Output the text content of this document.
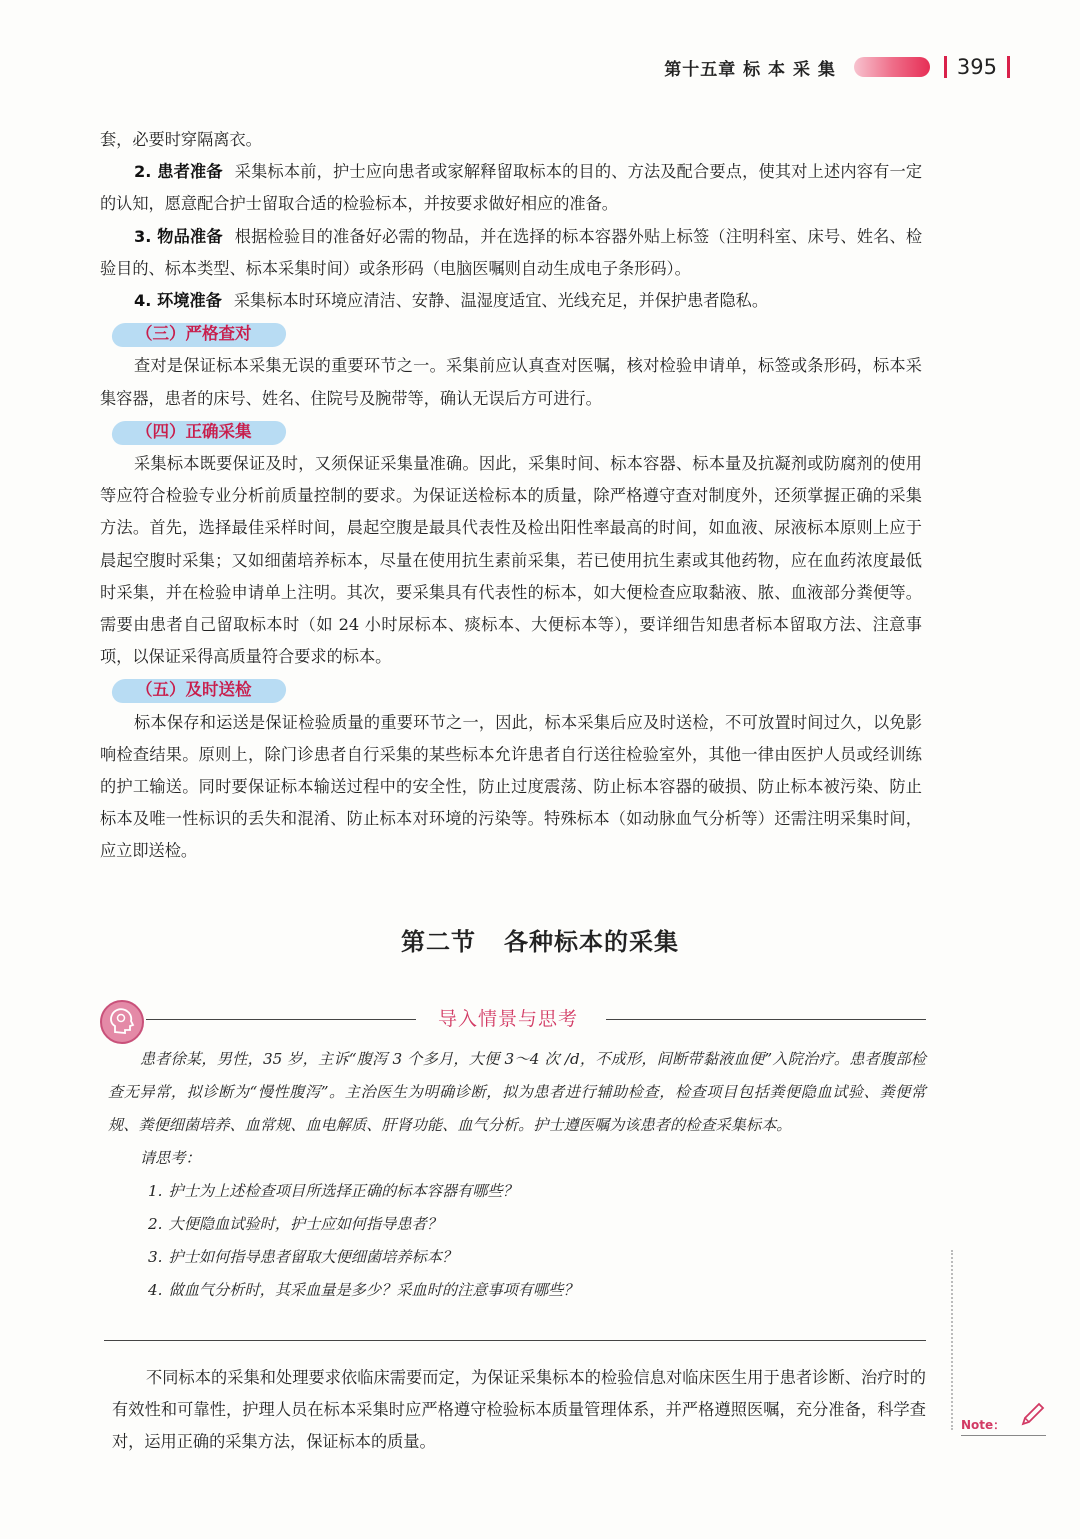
第十五章 标 本 采 集	395

套，必要时穿隔离衣。

2. 患者准备 采集标本前，护士应向患者或家解释留取标本的目的、方法及配合要点，使其对上述内容有一定的认知，愿意配合护士留取合适的检验标本，并按要求做好相应的准备。

3. 物品准备 根据检验目的准备好必需的物品，并在选择的标本容器外贴上标签（注明科室、床号、姓名、检验目的、标本类型、标本采集时间）或条形码（电脑医嘱则自动生成电子条形码）。

4. 环境准备 采集标本时环境应清洁、安静、温湿度适宜、光线充足，并保护患者隐私。

（三）严格查对

查对是保证标本采集无误的重要环节之一。采集前应认真查对医嘱，核对检验申请单，标签或条形码，标本采集容器，患者的床号、姓名、住院号及腕带等，确认无误后方可进行。

（四）正确采集

采集标本既要保证及时，又须保证采集量准确。因此，采集时间、标本容器、标本量及抗凝剂或防腐剂的使用等应符合检验专业分析前质量控制的要求。为保证送检标本的质量，除严格遵守查对制度外，还须掌握正确的采集方法。首先，选择最佳采样时间，晨起空腹是最具代表性及检出阳性率最高的时间，如血液、尿液标本原则上应于晨起空腹时采集；又如细菌培养标本，尽量在使用抗生素前采集，若已使用抗生素或其他药物，应在血药浓度最低时采集，并在检验申请单上注明。其次，要采集具有代表性的标本，如大便检查应取黏液、脓、血液部分粪便等。需要由患者自己留取标本时（如 24 小时尿标本、痰标本、大便标本等），要详细告知患者标本留取方法、注意事项，以保证采得高质量符合要求的标本。

（五）及时送检

标本保存和运送是保证检验质量的重要环节之一，因此，标本采集后应及时送检，不可放置时间过久，以免影响检查结果。原则上，除门诊患者自行采集的某些标本允许患者自行送往检验室外，其他一律由医护人员或经训练的护工输送。同时要保证标本输送过程中的安全性，防止过度震荡、防止标本容器的破损、防止标本被污染、防止标本及唯一性标识的丢失和混淆、防止标本对环境的污染等。特殊标本（如动脉血气分析等）还需注明采集时间，应立即送检。

第二节 各种标本的采集
导入情景与思考

患者徐某，男性，35 岁，主诉“腹泻 3 个多月，大便 3～4 次 /d，不成形，间断带黏液血便”入院治疗。患者腹部检查无异常，拟诊断为“慢性腹泻”。主治医生为明确诊断，拟为患者进行辅助检查，检查项目包括粪便隐血试验、粪便常规、粪便细菌培养、血常规、血电解质、肝肾功能、血气分析。护士遵医嘱为该患者的检查采集标本。

请思考：

1. 护士为上述检查项目所选择正确的标本容器有哪些？
2. 大便隐血试验时，护士应如何指导患者？
3. 护士如何指导患者留取大便细菌培养标本？
4. 做血气分析时，其采血量是多少？采血时的注意事项有哪些？

不同标本的采集和处理要求依临床需要而定，为保证采集标本的检验信息对临床医生用于患者诊断、治疗时的有效性和可靠性，护理人员在标本采集时应严格遵守检验标本质量管理体系，并严格遵照医嘱，充分准备，科学查对，运用正确的采集方法，保证标本的质量。

Note：
